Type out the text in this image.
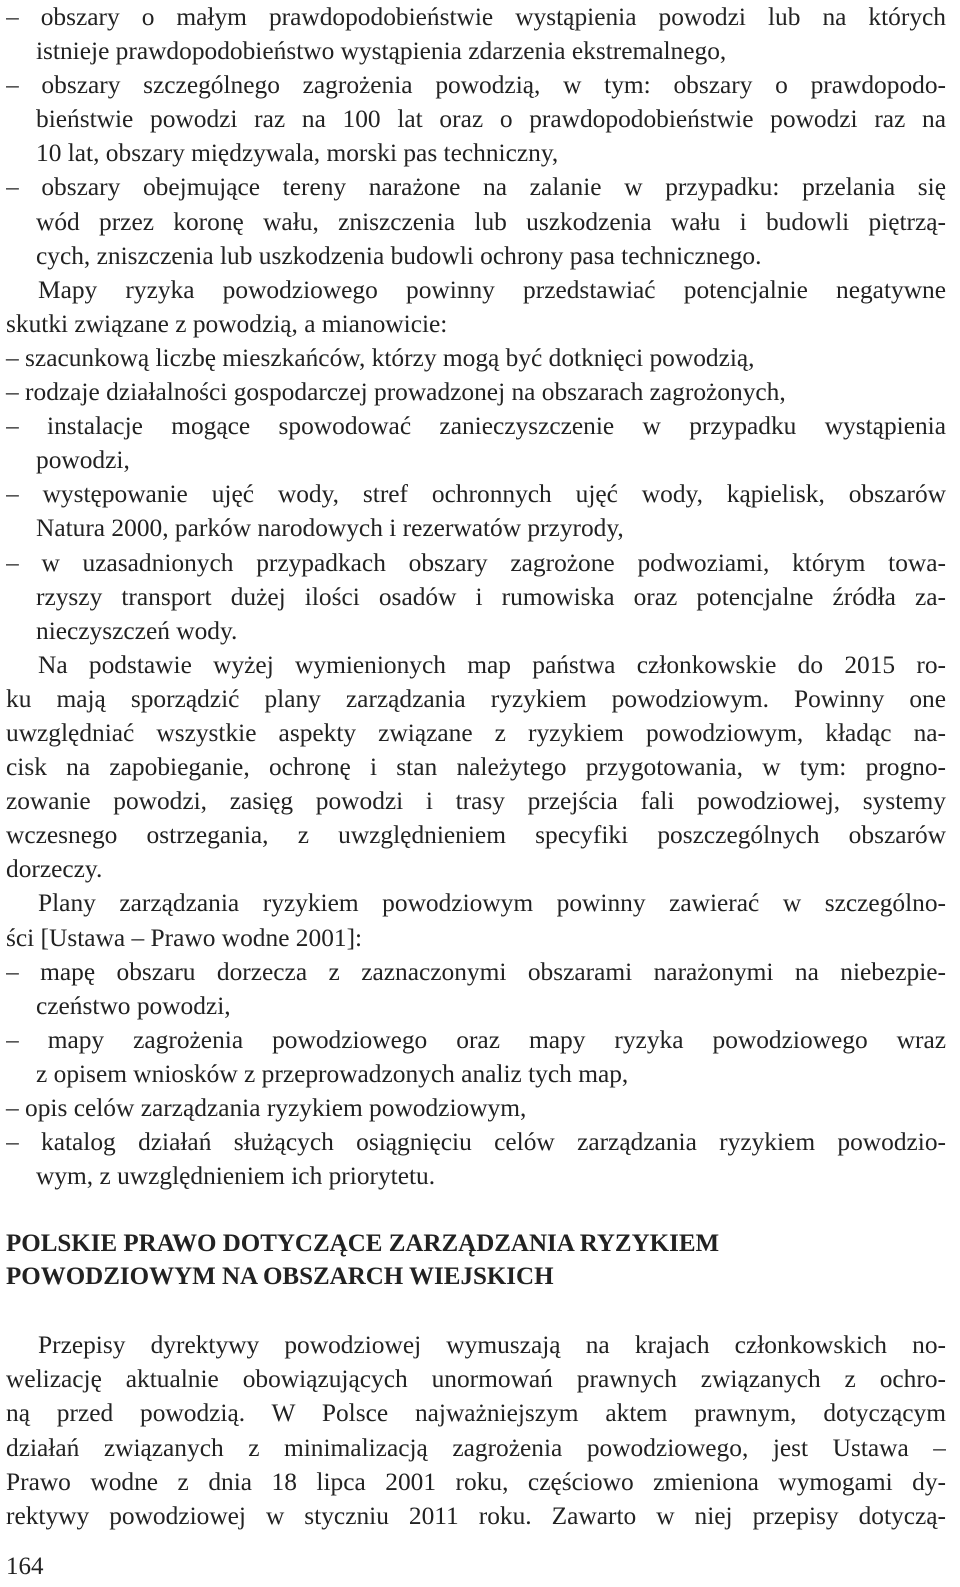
– obszary o małym prawdopodobieństwie wystąpienia powodzi lub na których
istnieje prawdopodobieństwo wystąpienia zdarzenia ekstremalnego,
– obszary szczególnego zagrożenia powodzią, w tym: obszary o prawdopodo-
bieństwie powodzi raz na 100 lat oraz o prawdopodobieństwie powodzi raz na
10 lat, obszary międzywala, morski pas techniczny,
– obszary obejmujące tereny narażone na zalanie w przypadku: przelania się
wód przez koronę wału, zniszczenia lub uszkodzenia wału i budowli piętrzą-
cych, zniszczenia lub uszkodzenia budowli ochrony pasa technicznego.
Mapy ryzyka powodziowego powinny przedstawiać potencjalnie negatywne
skutki związane z powodzią, a mianowicie:
– szacunkową liczbę mieszkańców, którzy mogą być dotknięci powodzią,
– rodzaje działalności gospodarczej prowadzonej na obszarach zagrożonych,
– instalacje mogące spowodować zanieczyszczenie w przypadku wystąpienia
powodzi,
– występowanie ujęć wody, stref ochronnych ujęć wody, kąpielisk, obszarów
Natura 2000, parków narodowych i rezerwatów przyrody,
– w uzasadnionych przypadkach obszary zagrożone podwoziami, którym towa-
rzyszy transport dużej ilości osadów i rumowiska oraz potencjalne źródła za-
nieczyszczeń wody.
Na podstawie wyżej wymienionych map państwa członkowskie do 2015 ro-
ku mają sporządzić plany zarządzania ryzykiem powodziowym. Powinny one
uwzględniać wszystkie aspekty związane z ryzykiem powodziowym, kładąc na-
cisk na zapobieganie, ochronę i stan należytego przygotowania, w tym: progno-
zowanie powodzi, zasięg powodzi i trasy przejścia fali powodziowej, systemy
wczesnego ostrzegania, z uwzględnieniem specyfiki poszczególnych obszarów
dorzeczy.
Plany zarządzania ryzykiem powodziowym powinny zawierać w szczególno-
ści [Ustawa – Prawo wodne 2001]:
– mapę obszaru dorzecza z zaznaczonymi obszarami narażonymi na niebezpie-
czeństwo powodzi,
– mapy zagrożenia powodziowego oraz mapy ryzyka powodziowego wraz
z opisem wniosków z przeprowadzonych analiz tych map,
– opis celów zarządzania ryzykiem powodziowym,
– katalog działań służących osiągnięciu celów zarządzania ryzykiem powodzio-
wym, z uwzględnieniem ich priorytetu.
POLSKIE PRAWO DOTYCZĄCE ZARZĄDZANIA RYZYKIEM
POWODZIOWYM NA OBSZARCH WIEJSKICH
Przepisy dyrektywy powodziowej wymuszają na krajach członkowskich no-
welizację aktualnie obowiązujących unormowań prawnych związanych z ochro-
ną przed powodzią. W Polsce najważniejszym aktem prawnym, dotyczącym
działań związanych z minimalizacją zagrożenia powodziowego, jest Ustawa –
Prawo wodne z dnia 18 lipca 2001 roku, częściowo zmieniona wymogami dy-
rektywy powodziowej w styczniu 2011 roku. Zawarto w niej przepisy dotyczą-
164
